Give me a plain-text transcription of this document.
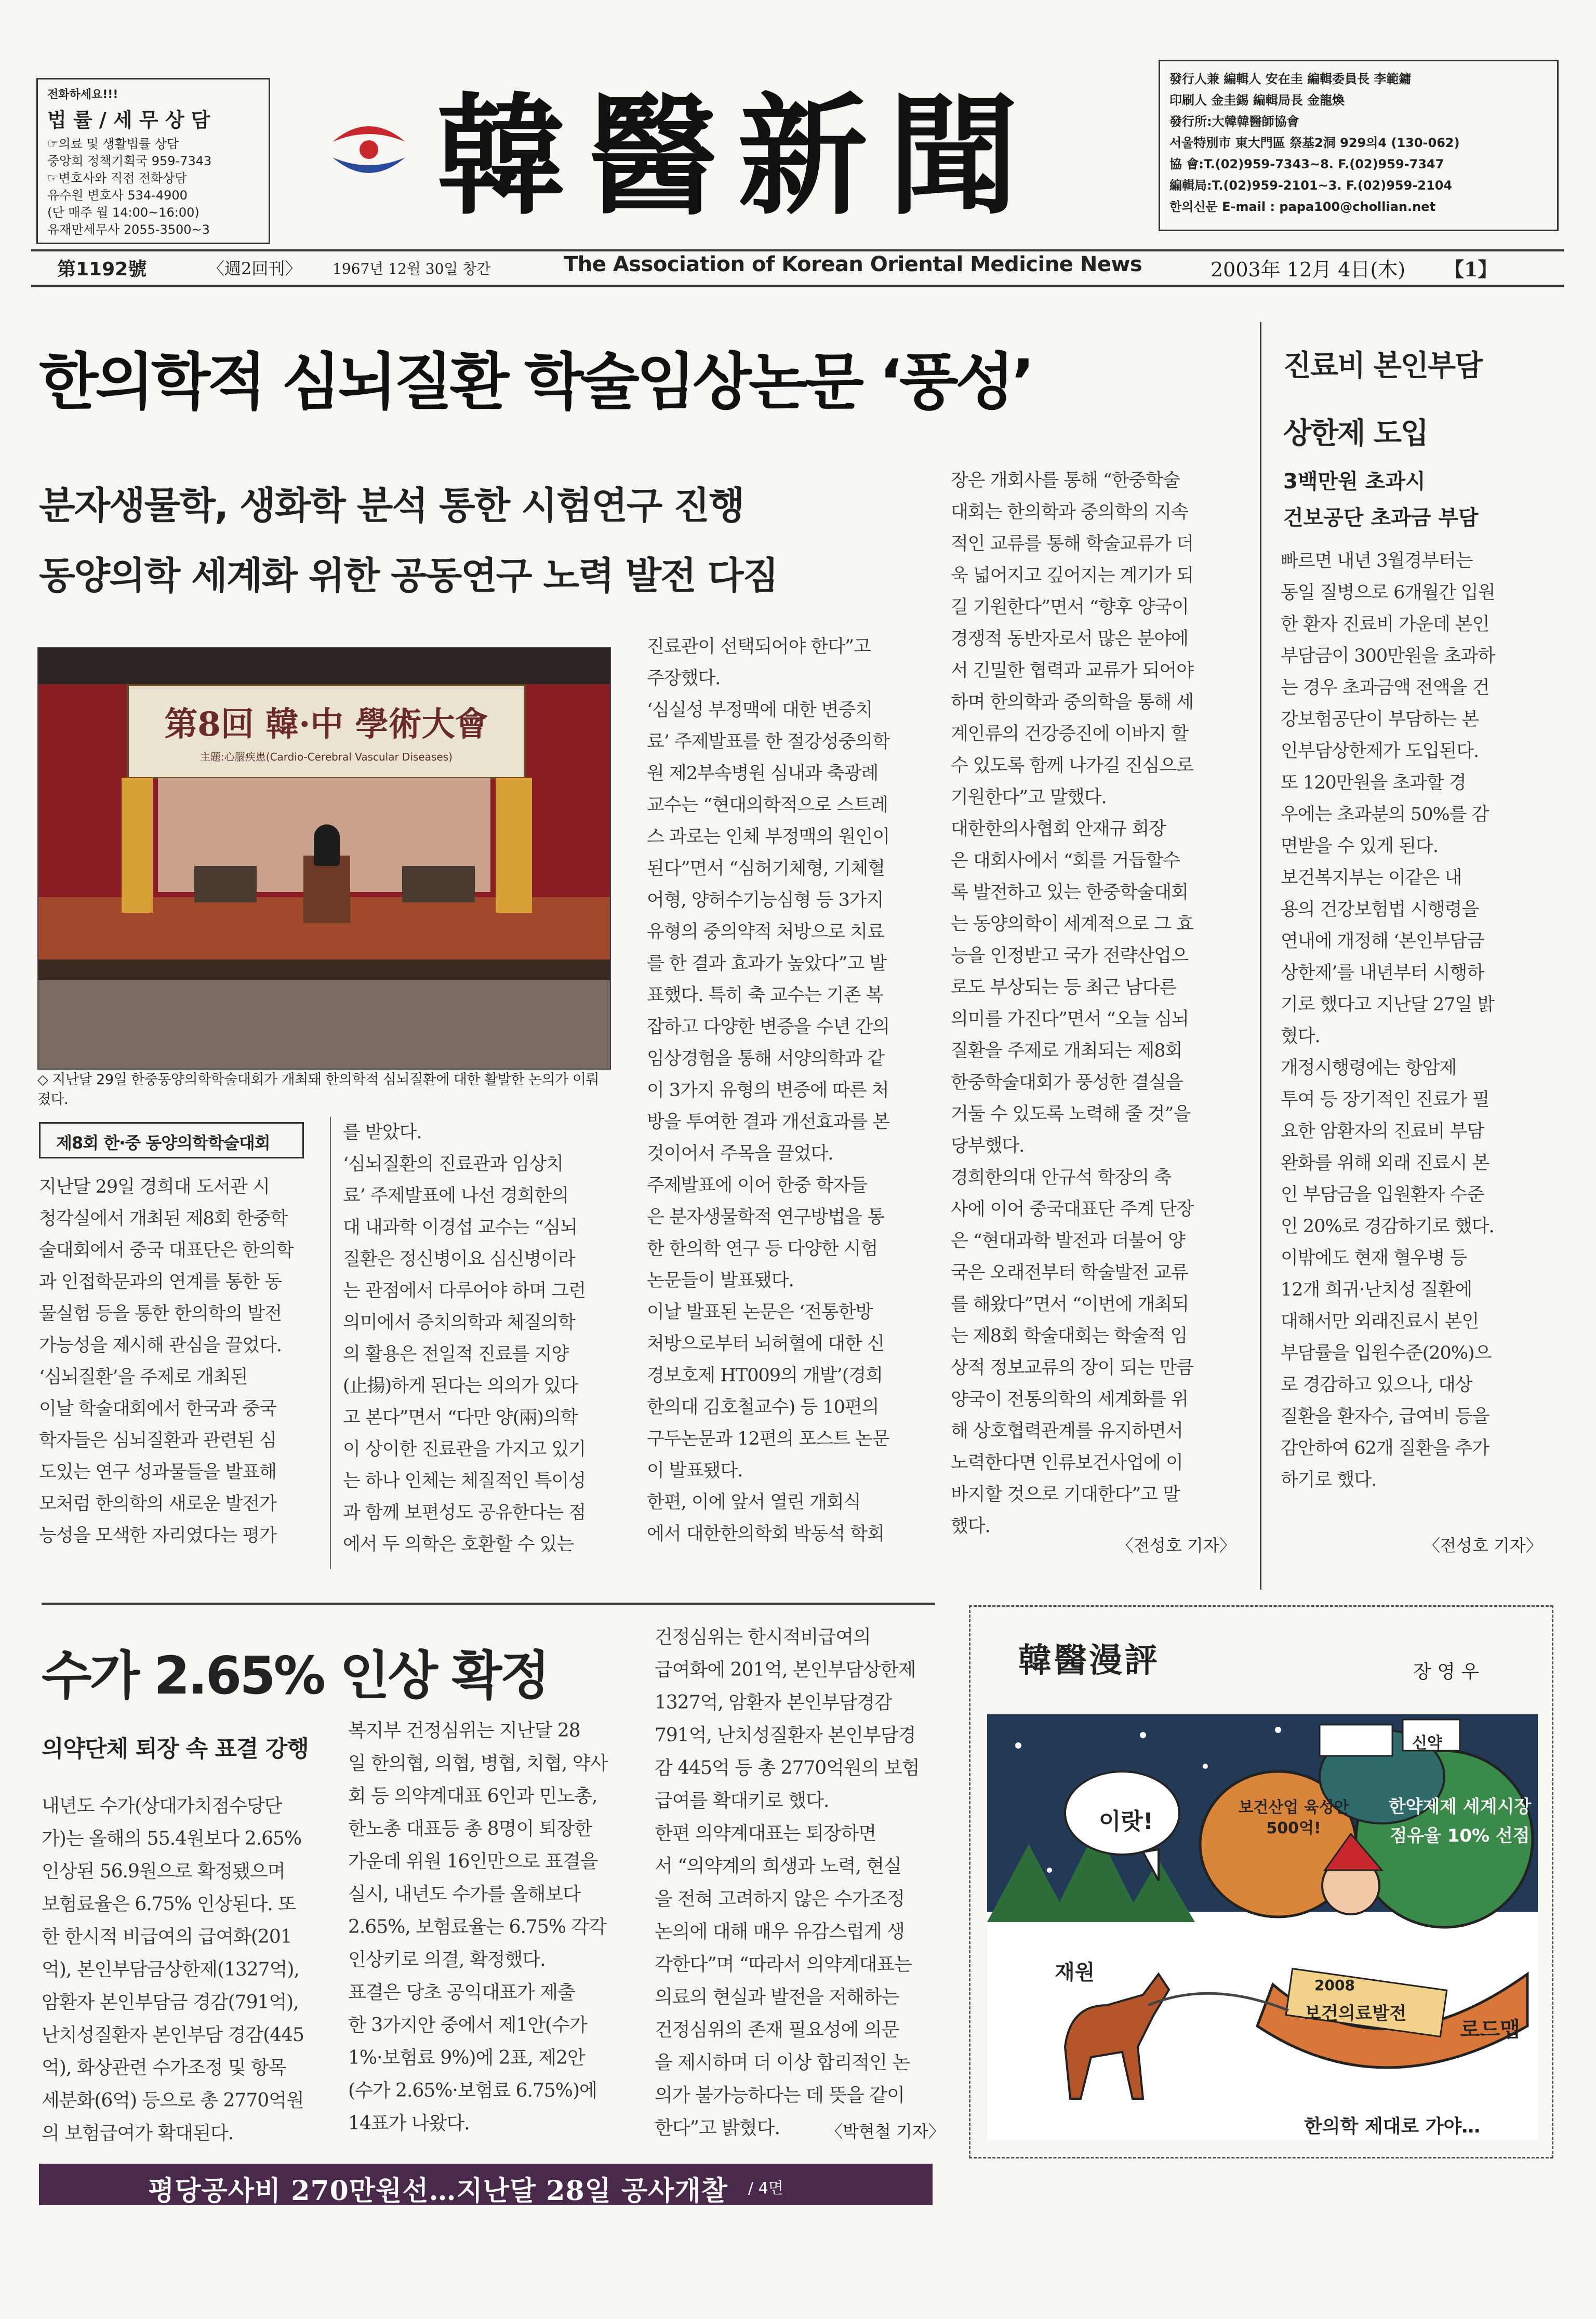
전화하세요!!!
법 률 / 세 무 상 담
☞의료 및 생활법률 상담
중앙회 정책기획국 959-7343
☞변호사와 직접 전화상담
유수원 변호사 534-4900
(단 매주 월 14:00~16:00)
유재만세무사 2055-3500~3	韓醫新聞
發行人兼 編輯人 安在圭 編輯委員長 李範鏞
印刷人 金圭錫 編輯局長 金龍煥
發行所:大韓韓醫師協會
서울特別市 東大門區 祭基2洞 929의4 (130-062)
協 會:T.(02)959-7343~8. F.(02)959-7347
編輯局:T.(02)959-2101~3. F.(02)959-2104
한의신문 E-mail : papa100@chollian.net
第1192號	〈週2回刊〉 1967년 12월 30일 창간	The Association of Korean Oriental Medicine News	2003年 12月 4日(木) 【1】
한의학적 심뇌질환 학술임상논문 ‘풍성’
분자생물학, 생화학 분석 통한 시험연구 진행
동양의학 세계화 위한 공동연구 노력 발전 다짐
第8回 韓·中 學術大會
主題:心腦疾患(Cardio-Cerebral Vascular Diseases)
◇ 지난달 29일 한중동양의학학술대회가 개최돼 한의학적 심뇌질환에 대한 활발한 논의가 이뤄졌다.
제8회 한·중 동양의학학술대회
지난달 29일 경희대 도서관 시
청각실에서 개최된 제8회 한중학
술대회에서 중국 대표단은 한의학
과 인접학문과의 연계를 통한 동
물실험 등을 통한 한의학의 발전
가능성을 제시해 관심을 끌었다.
‘심뇌질환’을 주제로 개최된
이날 학술대회에서 한국과 중국
학자들은 심뇌질환과 관련된 심
도있는 연구 성과물들을 발표해
모처럼 한의학의 새로운 발전가
능성을 모색한 자리였다는 평가
를 받았다.
‘심뇌질환의 진료관과 임상치
료’ 주제발표에 나선 경희한의
대 내과학 이경섭 교수는 “심뇌
질환은 정신병이요 심신병이라
는 관점에서 다루어야 하며 그런
의미에서 증치의학과 체질의학
의 활용은 전일적 진료를 지양
(止揚)하게 된다는 의의가 있다
고 본다”면서 “다만 양(兩)의학
이 상이한 진료관을 가지고 있기
는 하나 인체는 체질적인 특이성
과 함께 보편성도 공유한다는 점
에서 두 의학은 호환할 수 있는
진료관이 선택되어야 한다”고
주장했다.
‘심실성 부정맥에 대한 변증치
료’ 주제발표를 한 절강성중의학
원 제2부속병원 심내과 축광례
교수는 “현대의학적으로 스트레
스 과로는 인체 부정맥의 원인이
된다”면서 “심허기체형, 기체혈
어형, 양허수기능심형 등 3가지
유형의 중의약적 처방으로 치료
를 한 결과 효과가 높았다”고 발
표했다. 특히 축 교수는 기존 복
잡하고 다양한 변증을 수년 간의
임상경험을 통해 서양의학과 같
이 3가지 유형의 변증에 따른 처
방을 투여한 결과 개선효과를 본
것이어서 주목을 끌었다.
주제발표에 이어 한중 학자들
은 분자생물학적 연구방법을 통
한 한의학 연구 등 다양한 시험
논문들이 발표됐다.
이날 발표된 논문은 ‘전통한방
처방으로부터 뇌허혈에 대한 신
경보호제 HT009의 개발’(경희
한의대 김호철교수) 등 10편의
구두논문과 12편의 포스트 논문
이 발표됐다.
한편, 이에 앞서 열린 개회식
에서 대한한의학회 박동석 학회
장은 개회사를 통해 “한중학술
대회는 한의학과 중의학의 지속
적인 교류를 통해 학술교류가 더
욱 넓어지고 깊어지는 계기가 되
길 기원한다”면서 “향후 양국이
경쟁적 동반자로서 많은 분야에
서 긴밀한 협력과 교류가 되어야
하며 한의학과 중의학을 통해 세
계인류의 건강증진에 이바지 할
수 있도록 함께 나가길 진심으로
기원한다”고 말했다.
대한한의사협회 안재규 회장
은 대회사에서 “회를 거듭할수
록 발전하고 있는 한중학술대회
는 동양의학이 세계적으로 그 효
능을 인정받고 국가 전략산업으
로도 부상되는 등 최근 남다른
의미를 가진다”면서 “오늘 심뇌
질환을 주제로 개최되는 제8회
한중학술대회가 풍성한 결실을
거둘 수 있도록 노력해 줄 것”을
당부했다.
경희한의대 안규석 학장의 축
사에 이어 중국대표단 주계 단장
은 “현대과학 발전과 더불어 양
국은 오래전부터 학술발전 교류
를 해왔다”면서 “이번에 개최되
는 제8회 학술대회는 학술적 임
상적 정보교류의 장이 되는 만큼
양국이 전통의학의 세계화를 위
해 상호협력관계를 유지하면서
노력한다면 인류보건사업에 이
바지할 것으로 기대한다”고 말
했다.
〈전성호 기자〉
진료비 본인부담
상한제 도입
3백만원 초과시
건보공단 초과금 부담
빠르면 내년 3월경부터는
동일 질병으로 6개월간 입원
한 환자 진료비 가운데 본인
부담금이 300만원을 초과하
는 경우 초과금액 전액을 건
강보험공단이 부담하는 본
인부담상한제가 도입된다.
또 120만원을 초과할 경
우에는 초과분의 50%를 감
면받을 수 있게 된다.
보건복지부는 이같은 내
용의 건강보험법 시행령을
연내에 개정해 ‘본인부담금
상한제’를 내년부터 시행하
기로 했다고 지난달 27일 밝
혔다.
개정시행령에는 항암제
투여 등 장기적인 진료가 필
요한 암환자의 진료비 부담
완화를 위해 외래 진료시 본
인 부담금을 입원환자 수준
인 20%로 경감하기로 했다.
이밖에도 현재 혈우병 등
12개 희귀·난치성 질환에
대해서만 외래진료시 본인
부담률을 입원수준(20%)으
로 경감하고 있으나, 대상
질환을 환자수, 급여비 등을
감안하여 62개 질환을 추가
하기로 했다.
〈전성호 기자〉
수가 2.65% 인상 확정
의약단체 퇴장 속 표결 강행
내년도 수가(상대가치점수당단
가)는 올해의 55.4원보다 2.65%
인상된 56.9원으로 확정됐으며
보험료율은 6.75% 인상된다. 또
한 한시적 비급여의 급여화(201
억), 본인부담금상한제(1327억),
암환자 본인부담금 경감(791억),
난치성질환자 본인부담 경감(445
억), 화상관련 수가조정 및 항목
세분화(6억) 등으로 총 2770억원
의 보험급여가 확대된다.
복지부 건정심위는 지난달 28
일 한의협, 의협, 병협, 치협, 약사
회 등 의약계대표 6인과 민노총,
한노총 대표등 총 8명이 퇴장한
가운데 위원 16인만으로 표결을
실시, 내년도 수가를 올해보다
2.65%, 보험료율는 6.75% 각각
인상키로 의결, 확정했다.
표결은 당초 공익대표가 제출
한 3가지안 중에서 제1안(수가
1%·보험료 9%)에 2표, 제2안
(수가 2.65%·보험료 6.75%)에
14표가 나왔다.
건정심위는 한시적비급여의
급여화에 201억, 본인부담상한제
1327억, 암환자 본인부담경감
791억, 난치성질환자 본인부담경
감 445억 등 총 2770억원의 보험
급여를 확대키로 했다.
한편 의약계대표는 퇴장하면
서 “의약계의 희생과 노력, 현실
을 전혀 고려하지 않은 수가조정
논의에 대해 매우 유감스럽게 생
각한다”며 “따라서 의약계대표는
의료의 현실과 발전을 저해하는
건정심위의 존재 필요성에 의문
을 제시하며 더 이상 합리적인 논
의가 불가능하다는 데 뜻을 같이
한다”고 밝혔다.	〈박현철 기자〉
韓醫漫評	장 영 우
이랏!
신약
의료산업
보건산업 육성안 500억!
한약제제 세계시장 점유율 10% 선점
2008
보건의료발전
로드맵
재원
한의학 제대로 가야…
평당공사비 270만원선…지난달 28일 공사개찰 / 4면
